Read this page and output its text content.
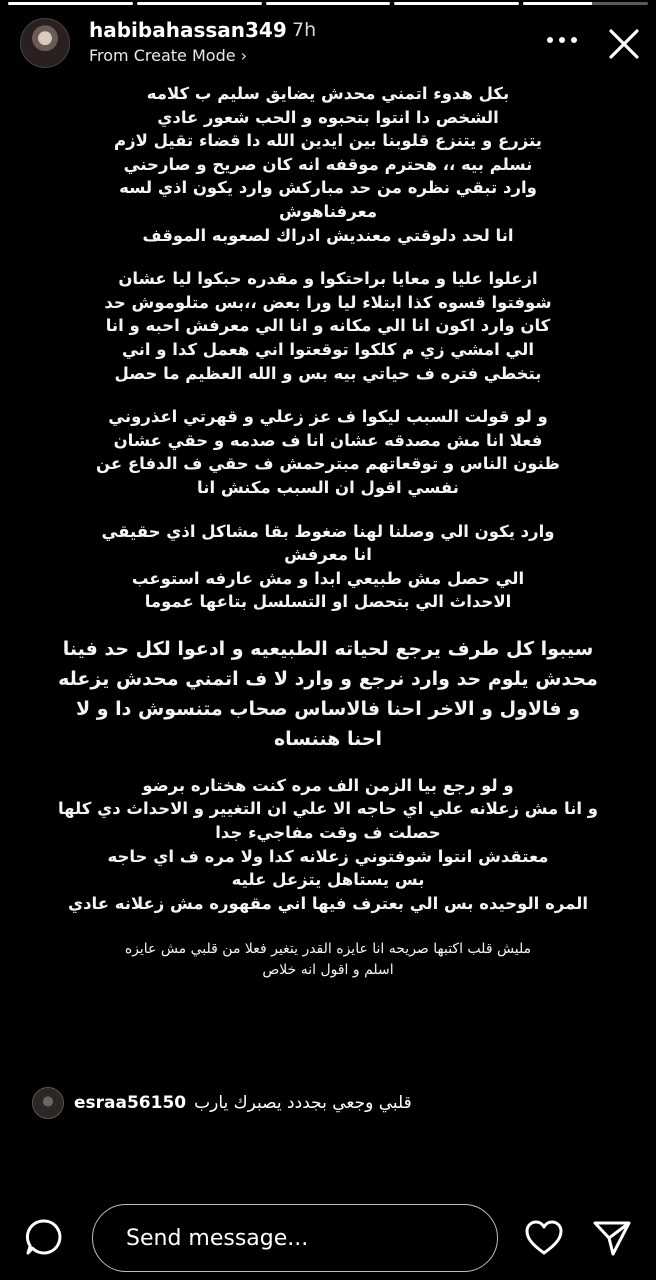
habibahassan349 7h
From Create Mode ›
بكل هدوء اتمني محدش يضايق سليم ب كلامه
الشخص دا انتوا بتحبوه و الحب شعور عادي
يتزرع و يتنزع قلوبنا بين ايدين الله دا قضاء تقيل لازم
نسلم بيه ،، هحترم موقفه انه كان صريح و صارحني
وارد تبقي نظره من حد مباركش وارد يكون اذي لسه
معرفناهوش
انا لحد دلوقتي معنديش ادراك لصعوبه الموقف
ازعلوا عليا و معايا براحتكوا و مقدره حبكوا ليا عشان
شوفتوا قسوه كذا ابتلاء ليا ورا بعض ،،بس متلوموش حد
كان وارد اكون انا الي مكانه و انا الي معرفش احبه و انا
الي امشي زي م كلكوا توقعتوا اني هعمل كدا و اني
بتخطي فتره ف حياتي بيه بس و الله العظيم ما حصل
و لو قولت السبب ليكوا ف عز زعلي و قهرتي اعذروني
فعلا انا مش مصدقه عشان انا ف صدمه و حقي عشان
ظنون الناس و توقعاتهم مبترحمش ف حقي ف الدفاع عن
نفسي اقول ان السبب مكنش انا
وارد يكون الي وصلنا لهنا ضغوط بقا مشاكل اذي حقيقي
انا معرفش
الي حصل مش طبيعي ابدا و مش عارفه استوعب
الاحداث الي بتحصل او التسلسل بتاعها عموما
سيبوا كل طرف يرجع لحياته الطبيعيه و ادعوا لكل حد فينا
محدش يلوم حد وارد نرجع و وارد لا ف اتمني محدش يزعله
و فالاول و الاخر احنا فالاساس صحاب متنسوش دا و لا
احنا هننساه
و لو رجع بيا الزمن الف مره كنت هختاره برضو
و انا مش زعلانه علي اي حاجه الا علي ان التغيير و الاحداث دي كلها
حصلت ف وقت مفاجيء جدا
معتقدش انتوا شوفتوني زعلانه كدا ولا مره ف اي حاجه
بس يستاهل يتزعل عليه
المره الوحيده بس الي بعترف فيها اني مقهوره مش زعلانه عادي
مليش قلب اكتبها صريحه انا عايزه القدر يتغير فعلا من قلبي مش عايزه
اسلم و اقول انه خلاص
esraa56150 قلبي وجعي بجددد يصبرك يارب
Send message...
